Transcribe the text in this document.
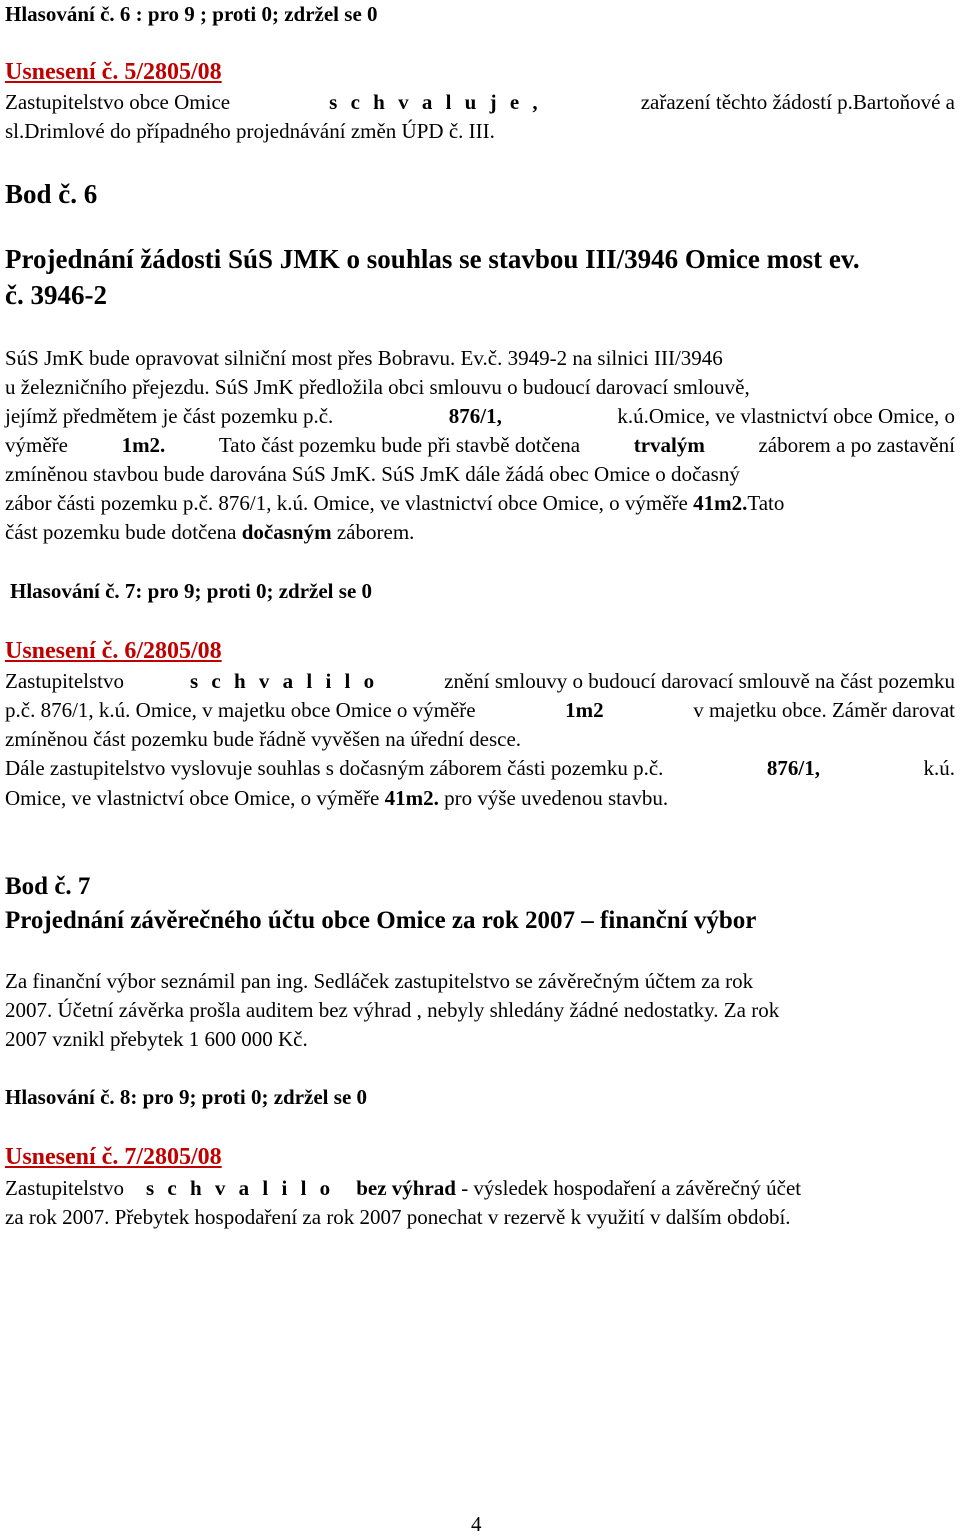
Hlasování č. 6 : pro 9 ; proti 0; zdržel se 0
Usnesení č. 5/2805/08
Zastupitelstvo obce Omice	s c h v a l u j e ,	zařazení těchto žádostí p.Bartoňové a
sl.Drimlové do případného projednávání změn ÚPD č. III.
Bod č. 6
Projednání žádosti SúS JMK o souhlas se stavbou III/3946 Omice most ev.
č. 3946-2
SúS JmK bude opravovat silniční most přes Bobravu. Ev.č. 3949-2 na silnici III/3946
u železničního přejezdu. SúS JmK předložila obci smlouvu o budoucí darovací smlouvě,
jejímž předmětem je část pozemku p.č.	876/1,	k.ú.Omice, ve vlastnictví obce Omice, o
výměře	1m2.	Tato část pozemku bude při stavbě dotčena	trvalým	záborem a po zastavění
zmíněnou stavbou bude darována SúS JmK. SúS JmK dále žádá obec Omice o dočasný
zábor části pozemku p.č. 876/1, k.ú. Omice, ve vlastnictví obce Omice, o výměře 41m2.Tato
část pozemku bude dotčena dočasným záborem.
Hlasování č. 7: pro 9; proti 0; zdržel se 0
Usnesení č. 6/2805/08
Zastupitelstvo	s c h v a l i l o	znění smlouvy o budoucí darovací smlouvě na část pozemku
p.č. 876/1, k.ú. Omice, v majetku obce Omice o výměře	1m2	v majetku obce. Záměr darovat
zmíněnou část pozemku bude řádně vyvěšen na úřední desce.
Dále zastupitelstvo vyslovuje souhlas s dočasným záborem části pozemku p.č.	876/1,	k.ú.
Omice, ve vlastnictví obce Omice, o výměře 41m2. pro výše uvedenou stavbu.
Bod č. 7
Projednání závěrečného účtu obce Omice za rok 2007 – finanční výbor
Za finanční výbor seznámil pan ing. Sedláček zastupitelstvo se závěrečným účtem za rok
2007. Účetní závěrka prošla auditem bez výhrad , nebyly shledány žádné nedostatky. Za rok
2007 vznikl přebytek 1 600 000 Kč.
Hlasování č. 8: pro 9; proti 0; zdržel se 0
Usnesení č. 7/2805/08
Zastupitelstvo s c h v a l i l o bez výhrad - výsledek hospodaření a závěrečný účet
za rok 2007. Přebytek hospodaření za rok 2007 ponechat v rezervě k využití v dalším období.
4
